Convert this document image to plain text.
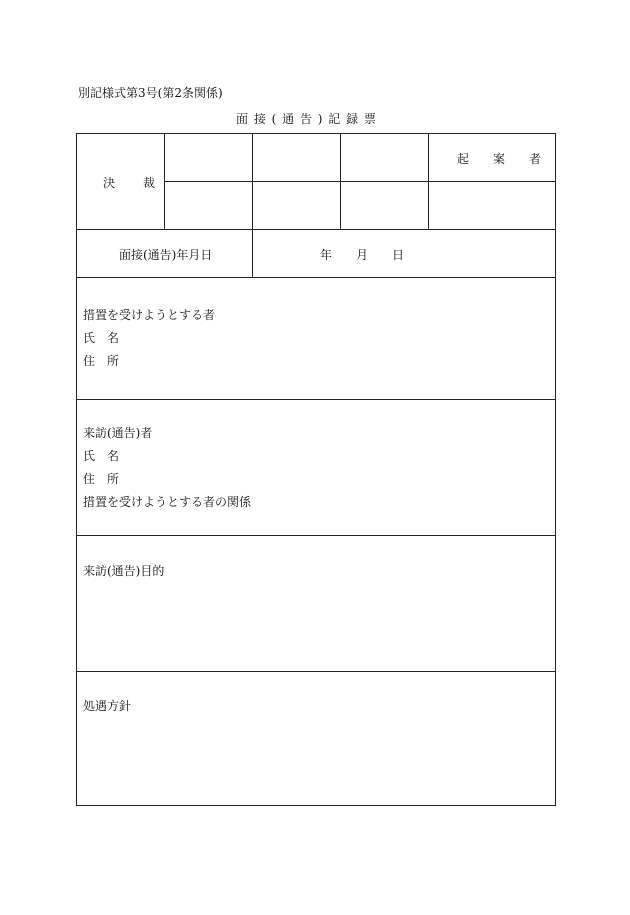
別記様式第3号(第2条関係)
面 接 ( 通 告 ) 記 録 票
決　裁
起　　案　　者
面接(通告)年月日	年　　月　　日
措置を受けようとする者
氏　名
住　所
来訪(通告)者
氏　名
住　所
措置を受けようとする者の関係
来訪(通告)目的
処遇方針
